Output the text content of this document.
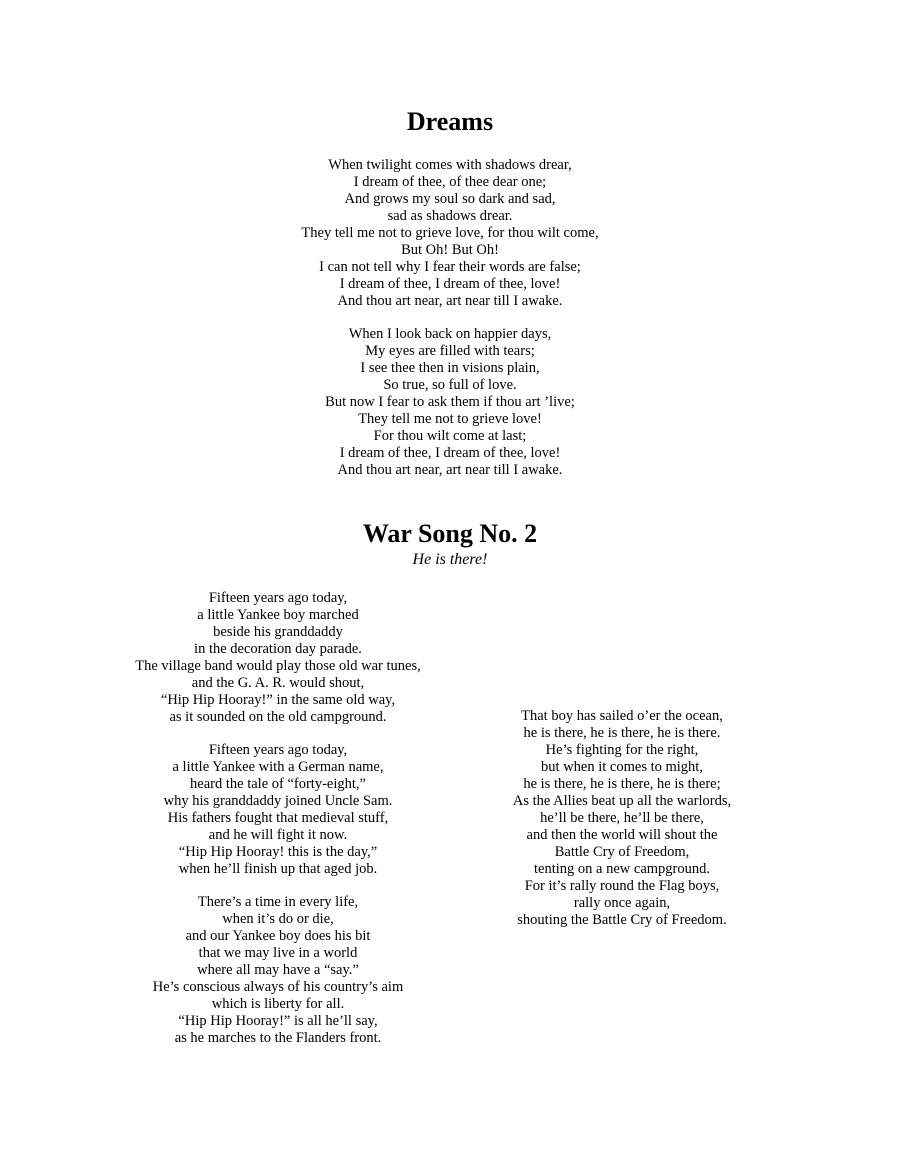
Dreams
When twilight comes with shadows drear,
I dream of thee, of thee dear one;
And grows my soul so dark and sad,
sad as shadows drear.
They tell me not to grieve love, for thou wilt come,
But Oh! But Oh!
I can not tell why I fear their words are false;
I dream of thee, I dream of thee, love!
And thou art near, art near till I awake.
When I look back on happier days,
My eyes are filled with tears;
I see thee then in visions plain,
So true, so full of love.
But now I fear to ask them if thou art ’live;
They tell me not to grieve love!
For thou wilt come at last;
I dream of thee, I dream of thee, love!
And thou art near, art near till I awake.
War Song No. 2
He is there!
Fifteen years ago today,
a little Yankee boy marched
beside his granddaddy
in the decoration day parade.
The village band would play those old war tunes,
and the G. A. R. would shout,
“Hip Hip Hooray!” in the same old way,
as it sounded on the old campground.
Fifteen years ago today,
a little Yankee with a German name,
heard the tale of “forty-eight,”
why his granddaddy joined Uncle Sam.
His fathers fought that medieval stuff,
and he will fight it now.
“Hip Hip Hooray! this is the day,”
when he’ll finish up that aged job.
There’s a time in every life,
when it’s do or die,
and our Yankee boy does his bit
that we may live in a world
where all may have a “say.”
He’s conscious always of his country’s aim
which is liberty for all.
“Hip Hip Hooray!” is all he’ll say,
as he marches to the Flanders front.
That boy has sailed o’er the ocean,
he is there, he is there, he is there.
He’s fighting for the right,
but when it comes to might,
he is there, he is there, he is there;
As the Allies beat up all the warlords,
he’ll be there, he’ll be there,
and then the world will shout the
Battle Cry of Freedom,
tenting on a new campground.
For it’s rally round the Flag boys,
rally once again,
shouting the Battle Cry of Freedom.
